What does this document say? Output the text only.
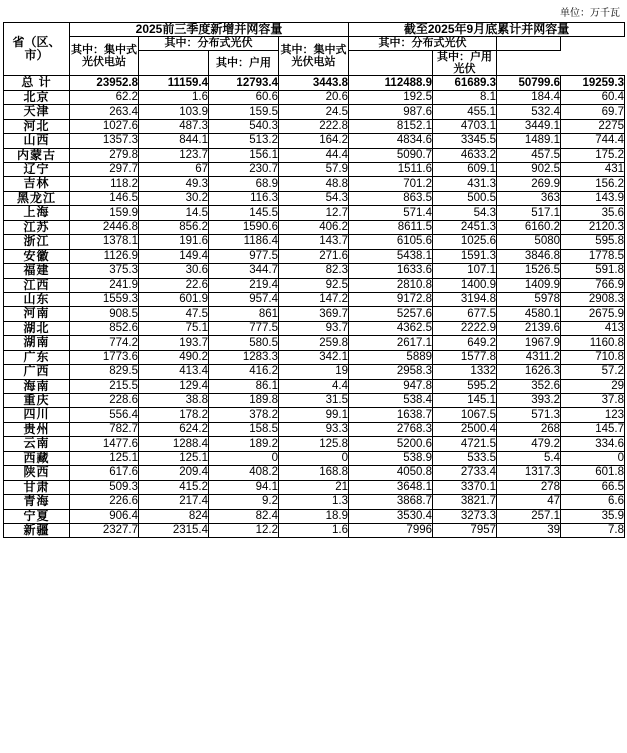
单位：万千瓦
省（区、市）	2025前三季度新增并网容量				截至2025年9月底累计并网容量			
	其中：集中式光伏电站	其中：分布式光伏		其中：集中式光伏电站	其中：分布式光伏			
			其中：户用					
						其中：户用光伏		
总 计	23952.8	11159.4	12793.4	3443.8	112488.9	61689.3	50799.6	19259.3
北京	62.2	1.6	60.6	20.6	192.5	8.1	184.4	60.4
天津	263.4	103.9	159.5	24.5	987.6	455.1	532.4	69.7
河北	1027.6	487.3	540.3	222.8	8152.1	4703.1	3449.1	2275
山西	1357.3	844.1	513.2	164.2	4834.6	3345.5	1489.1	744.4
内蒙古	279.8	123.7	156.1	44.4	5090.7	4633.2	457.5	175.2
辽宁	297.7	67	230.7	57.9	1511.6	609.1	902.5	431
吉林	118.2	49.3	68.9	48.8	701.2	431.3	269.9	156.2
黑龙江	146.5	30.2	116.3	54.3	863.5	500.5	363	143.9
上海	159.9	14.5	145.5	12.7	571.4	54.3	517.1	35.6
江苏	2446.8	856.2	1590.6	406.2	8611.5	2451.3	6160.2	2120.3
浙江	1378.1	191.6	1186.4	143.7	6105.6	1025.6	5080	595.8
安徽	1126.9	149.4	977.5	271.6	5438.1	1591.3	3846.8	1778.5
福建	375.3	30.6	344.7	82.3	1633.6	107.1	1526.5	591.8
江西	241.9	22.6	219.4	92.5	2810.8	1400.9	1409.9	766.9
山东	1559.3	601.9	957.4	147.2	9172.8	3194.8	5978	2908.3
河南	908.5	47.5	861	369.7	5257.6	677.5	4580.1	2675.9
湖北	852.6	75.1	777.5	93.7	4362.5	2222.9	2139.6	413
湖南	774.2	193.7	580.5	259.8	2617.1	649.2	1967.9	1160.8
广东	1773.6	490.2	1283.3	342.1	5889	1577.8	4311.2	710.8
广西	829.5	413.4	416.2	19	2958.3	1332	1626.3	57.2
海南	215.5	129.4	86.1	4.4	947.8	595.2	352.6	29
重庆	228.6	38.8	189.8	31.5	538.4	145.1	393.2	37.8
四川	556.4	178.2	378.2	99.1	1638.7	1067.5	571.3	123
贵州	782.7	624.2	158.5	93.3	2768.3	2500.4	268	145.7
云南	1477.6	1288.4	189.2	125.8	5200.6	4721.5	479.2	334.6
西藏	125.1	125.1	0	0	538.9	533.5	5.4	0
陕西	617.6	209.4	408.2	168.8	4050.8	2733.4	1317.3	601.8
甘肃	509.3	415.2	94.1	21	3648.1	3370.1	278	66.5
青海	226.6	217.4	9.2	1.3	3868.7	3821.7	47	6.6
宁夏	906.4	824	82.4	18.9	3530.4	3273.3	257.1	35.9
新疆	2327.7	2315.4	12.2	1.6	7996	7957	39	7.8
